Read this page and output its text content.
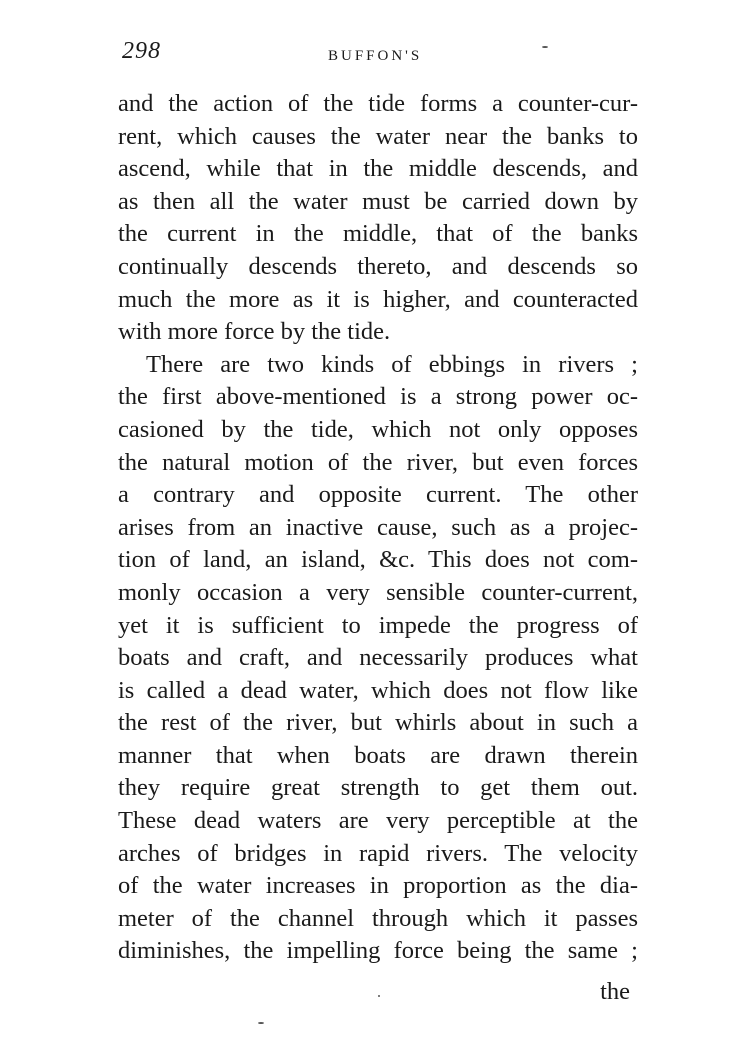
298	BUFFON'S
and the action of the tide forms a counter-cur-
rent, which causes the water near the banks to
ascend, while that in the middle descends, and
as then all the water must be carried down by
the current in the middle, that of the banks
continually descends thereto, and descends so
much the more as it is higher, and counteracted
with more force by the tide.
There are two kinds of ebbings in rivers ;
the first above-mentioned is a strong power oc-
casioned by the tide, which not only opposes
the natural motion of the river, but even forces
a contrary and opposite current. The other
arises from an inactive cause, such as a projec-
tion of land, an island, &c. This does not com-
monly occasion a very sensible counter-current,
yet it is sufficient to impede the progress of
boats and craft, and necessarily produces what
is called a dead water, which does not flow like
the rest of the river, but whirls about in such a
manner that when boats are drawn therein
they require great strength to get them out.
These dead waters are very perceptible at the
arches of bridges in rapid rivers. The velocity
of the water increases in proportion as the dia-
meter of the channel through which it passes
diminishes, the impelling force being the same ;
the
